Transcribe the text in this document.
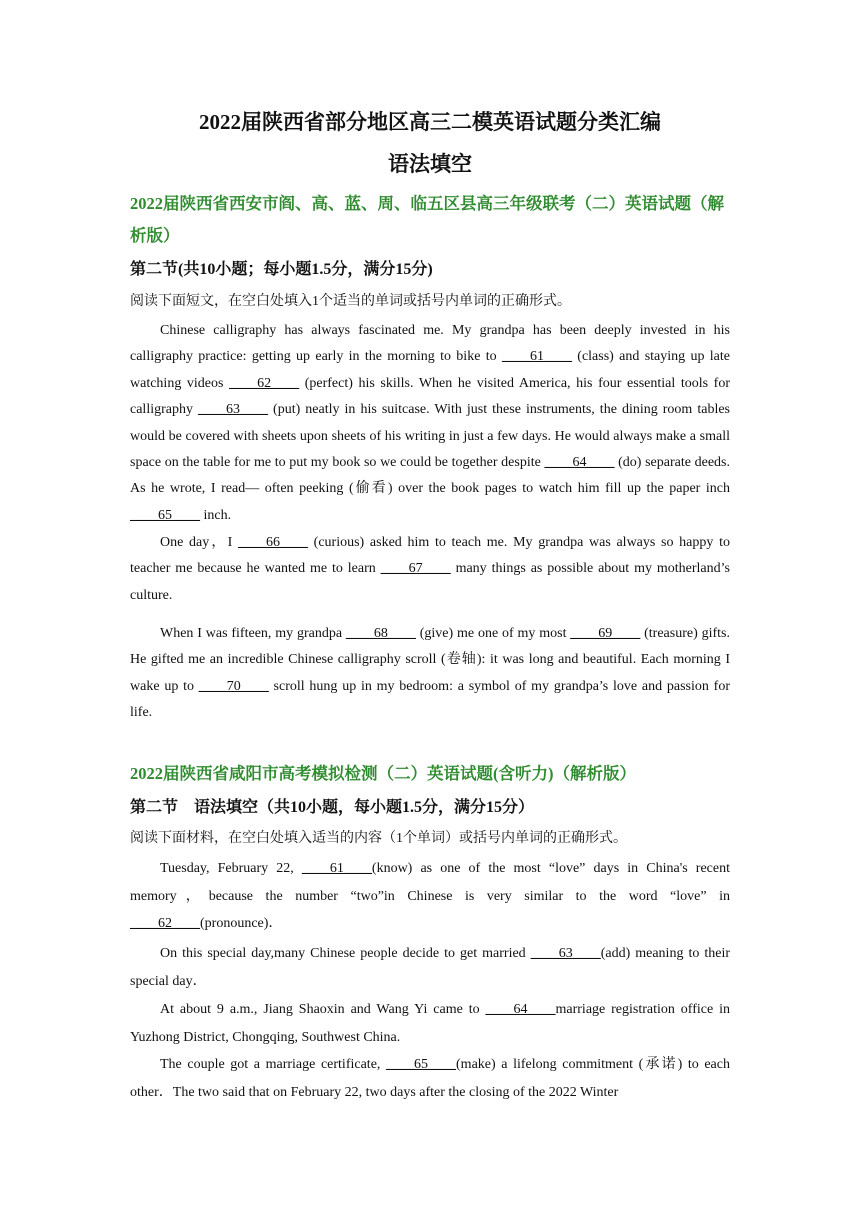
2022届陕西省部分地区高三二模英语试题分类汇编
语法填空
2022届陕西省西安市阎、高、蓝、周、临五区县高三年级联考（二）英语试题（解析版）

第二节(共10小题；每小题1.5分，满分15分)

阅读下面短文，在空白处填入1个适当的单词或括号内单词的正确形式。

Chinese calligraphy has always fascinated me. My grandpa has been deeply invested in his calligraphy practice: getting up early in the morning to bike to ____61____ (class) and staying up late watching videos ____62____ (perfect) his skills. When he visited America, his four essential tools for calligraphy ____63____ (put) neatly in his suitcase. With just these instruments, the dining room tables would be covered with sheets upon sheets of his writing in just a few days. He would always make a small space on the table for me to put my book so we could be together despite ____64____ (do) separate deeds. As he wrote, I read— often peeking (偷看) over the book pages to watch him fill up the paper inch ____65____ inch.

One day，I ____66____ (curious) asked him to teach me. My grandpa was always so happy to teacher me because he wanted me to learn ____67____ many things as possible about my motherland’s culture.

When I was fifteen, my grandpa ____68____ (give) me one of my most ____69____ (treasure) gifts. He gifted me an incredible Chinese calligraphy scroll (卷轴): it was long and beautiful. Each morning I wake up to ____70____ scroll hung up in my bedroom: a symbol of my grandpa’s love and passion for life.

2022届陕西省咸阳市高考模拟检测（二）英语试题(含听力)（解析版）

第二节　语法填空（共10小题，每小题1.5分，满分15分）

阅读下面材料，在空白处填入适当的内容（1个单词）或括号内单词的正确形式。

Tuesday, February 22, ____61____(know) as one of the most “love” days in China's recent memory，because the number “two”in Chinese is very similar to the word “love” in ____62____(pronounce)．

On this special day,many Chinese people decide to get married ____63____(add) meaning to their special day．

At about 9 a.m., Jiang Shaoxin and Wang Yi came to ____64____marriage registration office in Yuzhong District, Chongqing, Southwest China.

The couple got a marriage certificate, ____65____(make) a lifelong commitment (承诺) to each other．The two said that on February 22, two days after the closing of the 2022 Winter
